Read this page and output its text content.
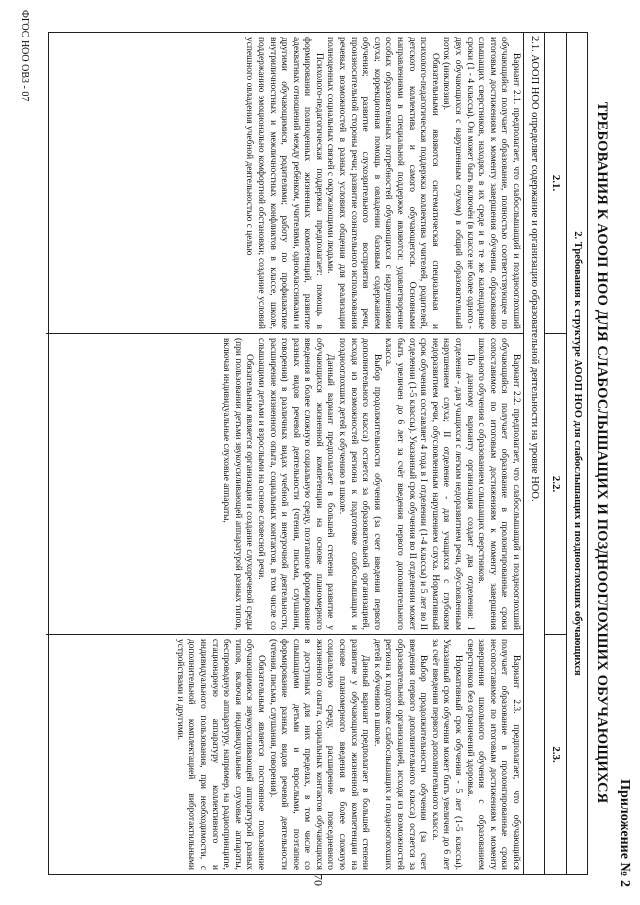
70	Приложение № 2
ТРЕБОВАНИЯ К АООП НОО ДЛЯ СЛАБОСЛЫШАЩИХ И ПОЗДНООГЛОХШИХ ОБУЧАЮЩИХСЯ
2. Требования к структуре АООП НОО для слабослышащих и позднооглохших обучающихся
2.1.
2.2.
2.3.
2.1. АООП НОО определяет содержание и организацию образовательной деятельности на уровне НОО.

Вариант 2.1. предполагает, что слабослышащий и позднооглохший обучающийся получает образование, полностью соответствующее по итоговым достижениям к моменту завершения обучения, образованию слышащих сверстников, находясь в их среде и в те же календарные сроки (1 - 4 классы). Он может быть включён (в классе не более одного - двух обучающихся с нарушенным слухом) в общий образовательный поток (инклюзия).

Обязательными являются систематическая специальная и психолого-педагогическая поддержка коллектива учителей, родителей, детского коллектива и самого обучающегося. Основными направлениями в специальной поддержке являются: удовлетворение особых образовательных потребностей обучающихся с нарушениями слуха; коррекционная помощь в овладении базовым содержанием обучения; развитие слухозрительного восприятия речи, произносительной стороны речи; развитие сознательного использования речевых возможностей в разных условиях общения для реализации полноценных социальных связей с окружающими людьми.

Психолого-педагогическая поддержка предполагает: помощь в формировании полноценных жизненных компетенций, развитие адекватных отношений между ребёнком, учителями, одноклассниками и другими обучающимися, родителями; работу по профилактике внутриличностных и межличностных конфликтов в классе, школе, поддержанию эмоционально комфортной обстановки; создание условий успешного овладения учебной деятельностью с целью

Вариант 2.2. предполагает, что слабослышащий и позднооглохший обучающийся получает образование в пролонгированные сроки сопоставимое по итоговым достижениям к моменту завершения школьного обучения с образованием слышащих сверстников.

По данному варианту организация создает два отделения: I отделение - для учащихся с легким недоразвитием речи, обусловленным нарушением слуха; II отделение - для учащихся с глубоким недоразвитием речи, обусловленным нарушением слуха. Нормативный срок обучения составляет 4 года в I отделении (1-4 классы) и 5 лет во II отделении (1-5 классы). Указанный срок обучения во II отделении может быть увеличен до 6 лет за счёт введения первого дополнительного класса.

Выбор продолжительности обучения (за счет введения первого дополнительного класса) остается за образовательной организацией, исходя из возможностей региона к подготовке слабослышащих и позднооглохших детей к обучению в школе.

Данный вариант предполагает в большей степени развитие у обучающихся жизненной компетенции на основе планомерного введения в более сложную социальную среду, поэтапное формирование разных видов речевой деятельности (чтения, письма, слушания, говорения) в различных видах учебной и внеурочной деятельности, расширение жизненного опыта, социальных контактов, в том числе со слышащими детьми и взрослыми на основе словесной речи.

Обязательным является организация и создание слухоречевой среды (при пользовании детьми звукоусиливающей аппаратурой разных типов, включая индивидуальные слуховые аппараты,

Вариант 2.3. предполагает, что обучающийся получает образование в пролонгированные сроки несопоставимое по итоговым достижениям к моменту завершения школьного обучения с образованием сверстников без ограничений здоровья.

Нормативный срок обучения - 5 лет (1-5 классы). Указанный срок обучения может быть увеличен до 6 лет за счёт введения первого дополнительного класса.

Выбор продолжительности обучения (за счет введения первого дополнительного класса) остается за образовательной организацией, исходя из возможностей региона к подготовке слабослышащих и позднооглохших детей к обучению в школе.

Данный вариант предполагает в большей степени развитие у обучающихся жизненной компетенции на основе планомерного введения в более сложную социальную среду, расширение повседневного жизненного опыта, социальных контактов обучающихся в доступных для них пределах, в том числе со слышащими детьми и взрослыми, поэтапное формирование разных видов речевой деятельности (чтения, письма, слушания, говорения).

Обязательным является постоянное пользование обучающимися звукоусиливающей аппаратурой разных типов, включая индивидуальные слуховые аппараты, беспроводную аппаратуру, например, на радиопринципе, стационарную аппаратуру коллективного и индивидуального пользования, при необходимости, с дополнительной комплектацией вибротактильными устройствами и другими.

ФГОС НОО ОВЗ - 07
